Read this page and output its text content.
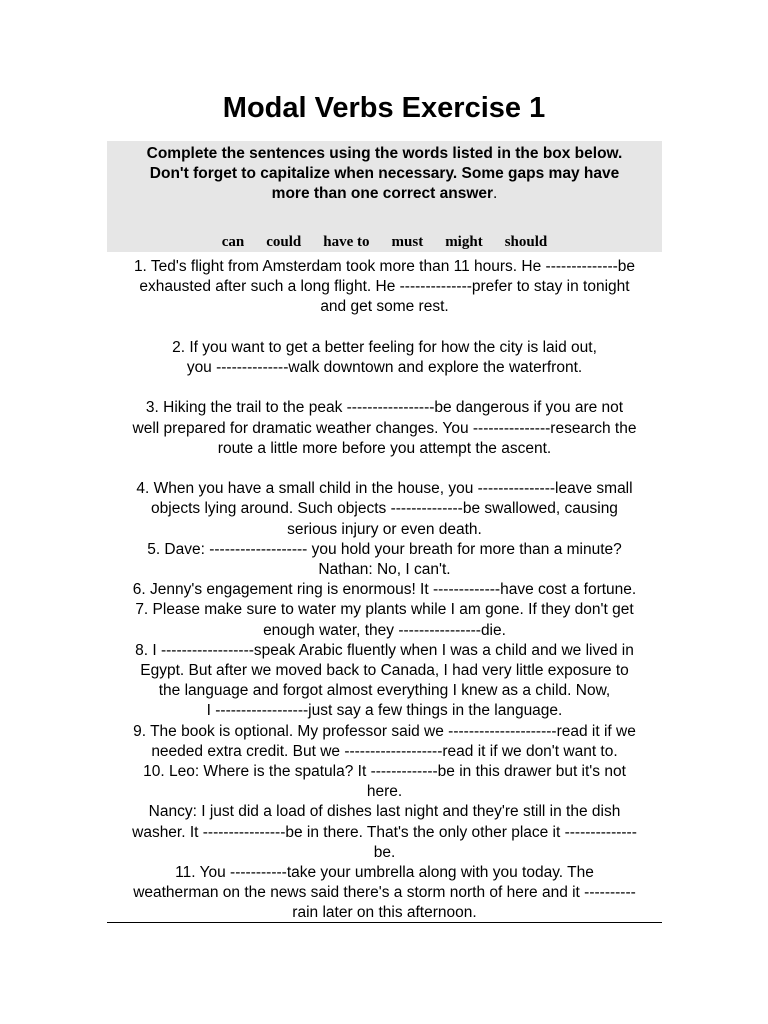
Modal Verbs Exercise 1
Complete the sentences using the words listed in the box below.
Don't forget to capitalize when necessary. Some gaps may have
more than one correct answer.
can could have to must might should

1. Ted's flight from Amsterdam took more than 11 hours. He --------------be

exhausted after such a long flight. He --------------prefer to stay in tonight

and get some rest.

2. If you want to get a better feeling for how the city is laid out,

you --------------walk downtown and explore the waterfront.

3. Hiking the trail to the peak -----------------be dangerous if you are not

well prepared for dramatic weather changes. You ---------------research the

route a little more before you attempt the ascent.

4. When you have a small child in the house, you ---------------leave small

objects lying around. Such objects --------------be swallowed, causing

serious injury or even death.

5. Dave: ------------------- you hold your breath for more than a minute?

Nathan: No, I can't.

6. Jenny's engagement ring is enormous! It -------------have cost a fortune.

7. Please make sure to water my plants while I am gone. If they don't get

enough water, they ----------------die.

8. I ------------------speak Arabic fluently when I was a child and we lived in

Egypt. But after we moved back to Canada, I had very little exposure to

the language and forgot almost everything I knew as a child. Now,

I ------------------just say a few things in the language.

9. The book is optional. My professor said we ---------------------read it if we

needed extra credit. But we -------------------read it if we don't want to.

10. Leo: Where is the spatula? It -------------be in this drawer but it's not

here.

Nancy: I just did a load of dishes last night and they're still in the dish

washer. It ----------------be in there. That's the only other place it --------------

be.

11. You -----------take your umbrella along with you today. The

weatherman on the news said there's a storm north of here and it ----------

rain later on this afternoon.
